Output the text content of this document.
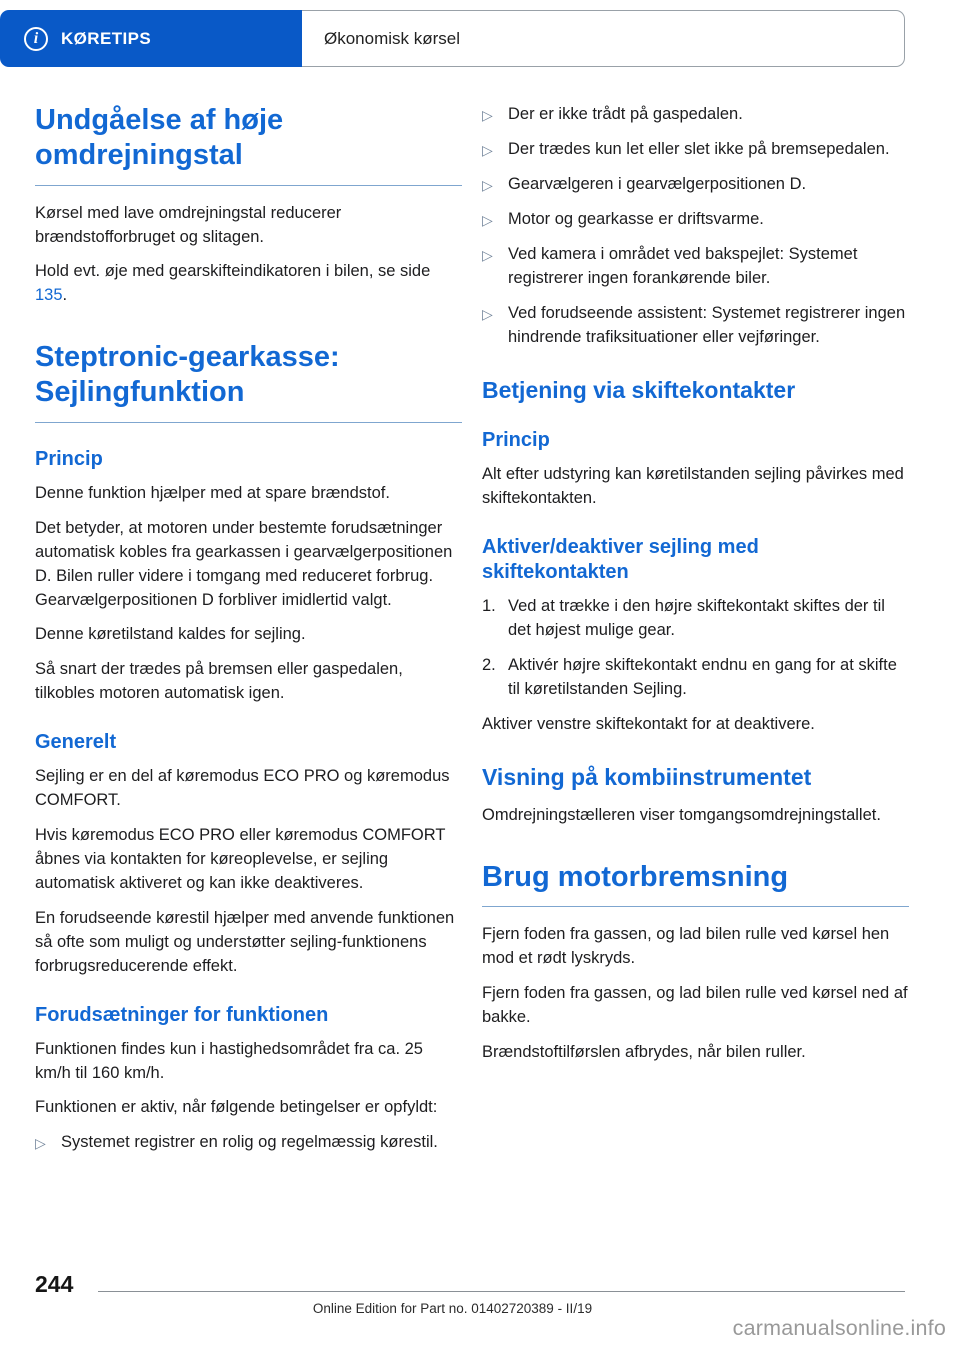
i	KØRETIPS	Økonomisk kørsel
Undgåelse af høje omdrejningstal

Kørsel med lave omdrejningstal reducerer brændstofforbruget og slitagen.

Hold evt. øje med gearskifteindikatoren i bilen, se side 135.

Steptronic-gearkasse: Sejlingfunktion
Princip

Denne funktion hjælper med at spare brændstof.

Det betyder, at motoren under bestemte forudsætninger automatisk kobles fra gearkassen i gearvælgerpositionen D. Bilen ruller videre i tomgang med reduceret forbrug. Gearvælgerpositionen D forbliver imidlertid valgt.

Denne køretilstand kaldes for sejling.

Så snart der trædes på bremsen eller gaspedalen, tilkobles motoren automatisk igen.

Generelt

Sejling er en del af køremodus ECO PRO og køremodus COMFORT.

Hvis køremodus ECO PRO eller køremodus COMFORT åbnes via kontakten for køreoplevelse, er sejling automatisk aktiveret og kan ikke deaktiveres.

En forudseende kørestil hjælper med anvende funktionen så ofte som muligt og understøtter sejling-funktionens forbrugsreducerende effekt.

Forudsætninger for funktionen

Funktionen findes kun i hastighedsområdet fra ca. 25 km/h til 160 km/h.

Funktionen er aktiv, når følgende betingelser er opfyldt:

▷ Systemet registrer en rolig og regelmæssig kørestil.
▷ Der er ikke trådt på gaspedalen.
▷ Der trædes kun let eller slet ikke på bremsepedalen.
▷ Gearvælgeren i gearvælgerpositionen D.
▷ Motor og gearkasse er driftsvarme.
▷ Ved kamera i området ved bakspejlet: Systemet registrerer ingen forankørende biler.
▷ Ved forudseende assistent: Systemet registrerer ingen hindrende trafiksituationer eller vejføringer.
Betjening via skiftekontakter
Princip

Alt efter udstyring kan køretilstanden sejling påvirkes med skiftekontakten.

Aktiver/deaktiver sejling med skiftekontakten
1. Ved at trække i den højre skiftekontakt skiftes der til det højest mulige gear.
2. Aktivér højre skiftekontakt endnu en gang for at skifte til køretilstanden Sejling.

Aktiver venstre skiftekontakt for at deaktivere.

Visning på kombiinstrumentet

Omdrejningstælleren viser tomgangsomdrejningstallet.

Brug motorbremsning

Fjern foden fra gassen, og lad bilen rulle ved kørsel hen mod et rødt lyskryds.

Fjern foden fra gassen, og lad bilen rulle ved kørsel ned af bakke.

Brændstoftilførslen afbrydes, når bilen ruller.

244
Online Edition for Part no. 01402720389 - II/19
carmanualsonline.info
